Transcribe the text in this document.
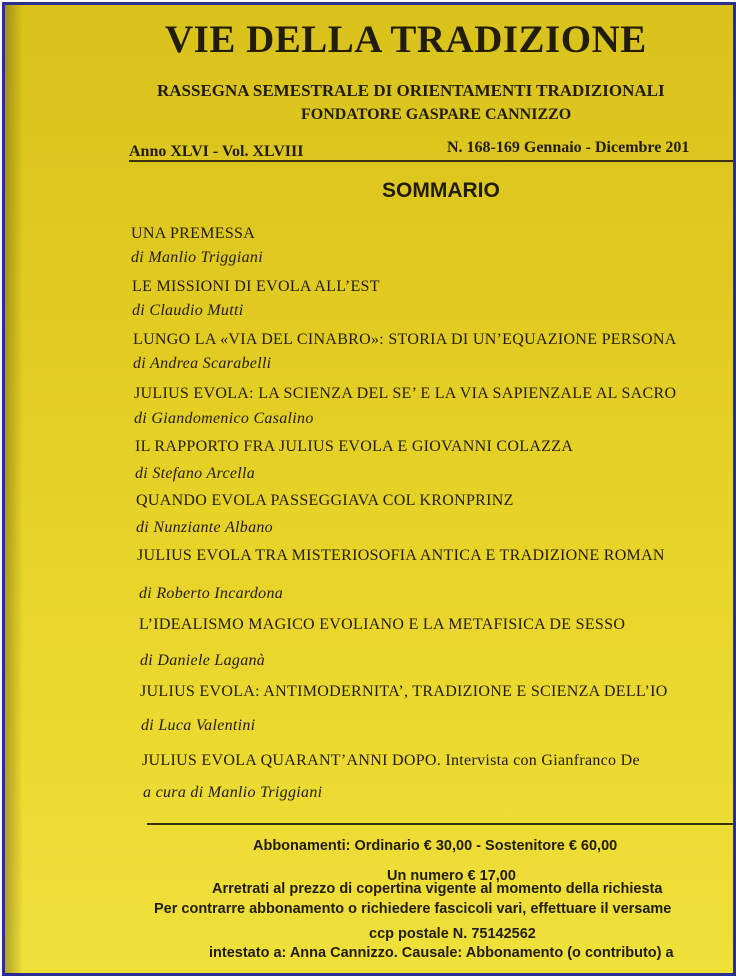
VIE DELLA TRADIZIONE
RASSEGNA SEMESTRALE DI ORIENTAMENTI TRADIZIONALI
FONDATORE GASPARE CANNIZZO
Anno XLVI - Vol. XLVIII	N. 168-169 Gennaio - Dicembre 201
SOMMARIO
UNA PREMESSA
di Manlio Triggiani
LE MISSIONI DI EVOLA ALL’EST
di Claudio Mutti
LUNGO LA «VIA DEL CINABRO»: STORIA DI UN’EQUAZIONE PERSONA
di Andrea Scarabelli
JULIUS EVOLA: LA SCIENZA DEL SE’ E LA VIA SAPIENZALE AL SACRO
di Giandomenico Casalino
IL RAPPORTO FRA JULIUS EVOLA E GIOVANNI COLAZZA
di Stefano Arcella
QUANDO EVOLA PASSEGGIAVA COL KRONPRINZ
di Nunziante Albano
JULIUS EVOLA TRA MISTERIOSOFIA ANTICA E TRADIZIONE ROMAN
di Roberto Incardona
L’IDEALISMO MAGICO EVOLIANO E LA METAFISICA DE SESSO
di Daniele Laganà
JULIUS EVOLA: ANTIMODERNITA’, TRADIZIONE E SCIENZA DELL’IO
di Luca Valentini
JULIUS EVOLA QUARANT’ANNI DOPO. Intervista con Gianfranco De
a cura di Manlio Triggiani
Abbonamenti: Ordinario € 30,00 - Sostenitore € 60,00
Un numero € 17,00
Arretrati al prezzo di copertina vigente al momento della richiesta
Per contrarre abbonamento o richiedere fascicoli vari, effettuare il versame
ccp postale N. 75142562
intestato a: Anna Cannizzo. Causale: Abbonamento (o contributo) a
